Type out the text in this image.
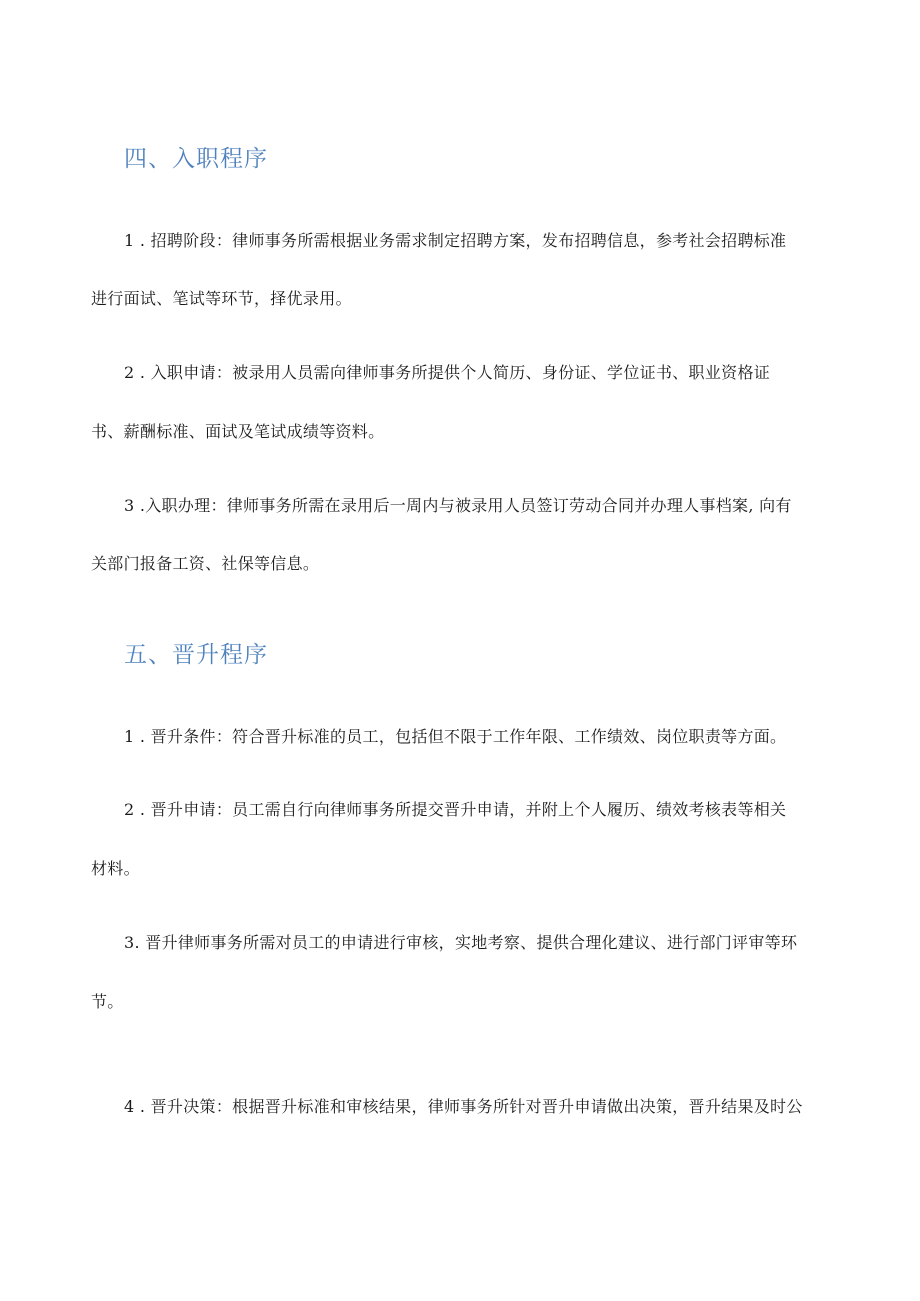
四、入职程序
1 . 招聘阶段：律师事务所需根据业务需求制定招聘方案，发布招聘信息，参考社会招聘标准
进行面试、笔试等环节，择优录用。
2 . 入职申请：被录用人员需向律师事务所提供个人简历、身份证、学位证书、职业资格证
书、薪酬标准、面试及笔试成绩等资料。
3 .入职办理：律师事务所需在录用后一周内与被录用人员签订劳动合同并办理人事档案, 向有
关部门报备工资、社保等信息。
五、晋升程序
1 . 晋升条件：符合晋升标准的员工，包括但不限于工作年限、工作绩效、岗位职责等方面。
2 . 晋升申请：员工需自行向律师事务所提交晋升申请，并附上个人履历、绩效考核表等相关
材料。
3. 晋升律师事务所需对员工的申请进行审核，实地考察、提供合理化建议、进行部门评审等环
节。
4 . 晋升决策：根据晋升标准和审核结果，律师事务所针对晋升申请做出决策，晋升结果及时公
